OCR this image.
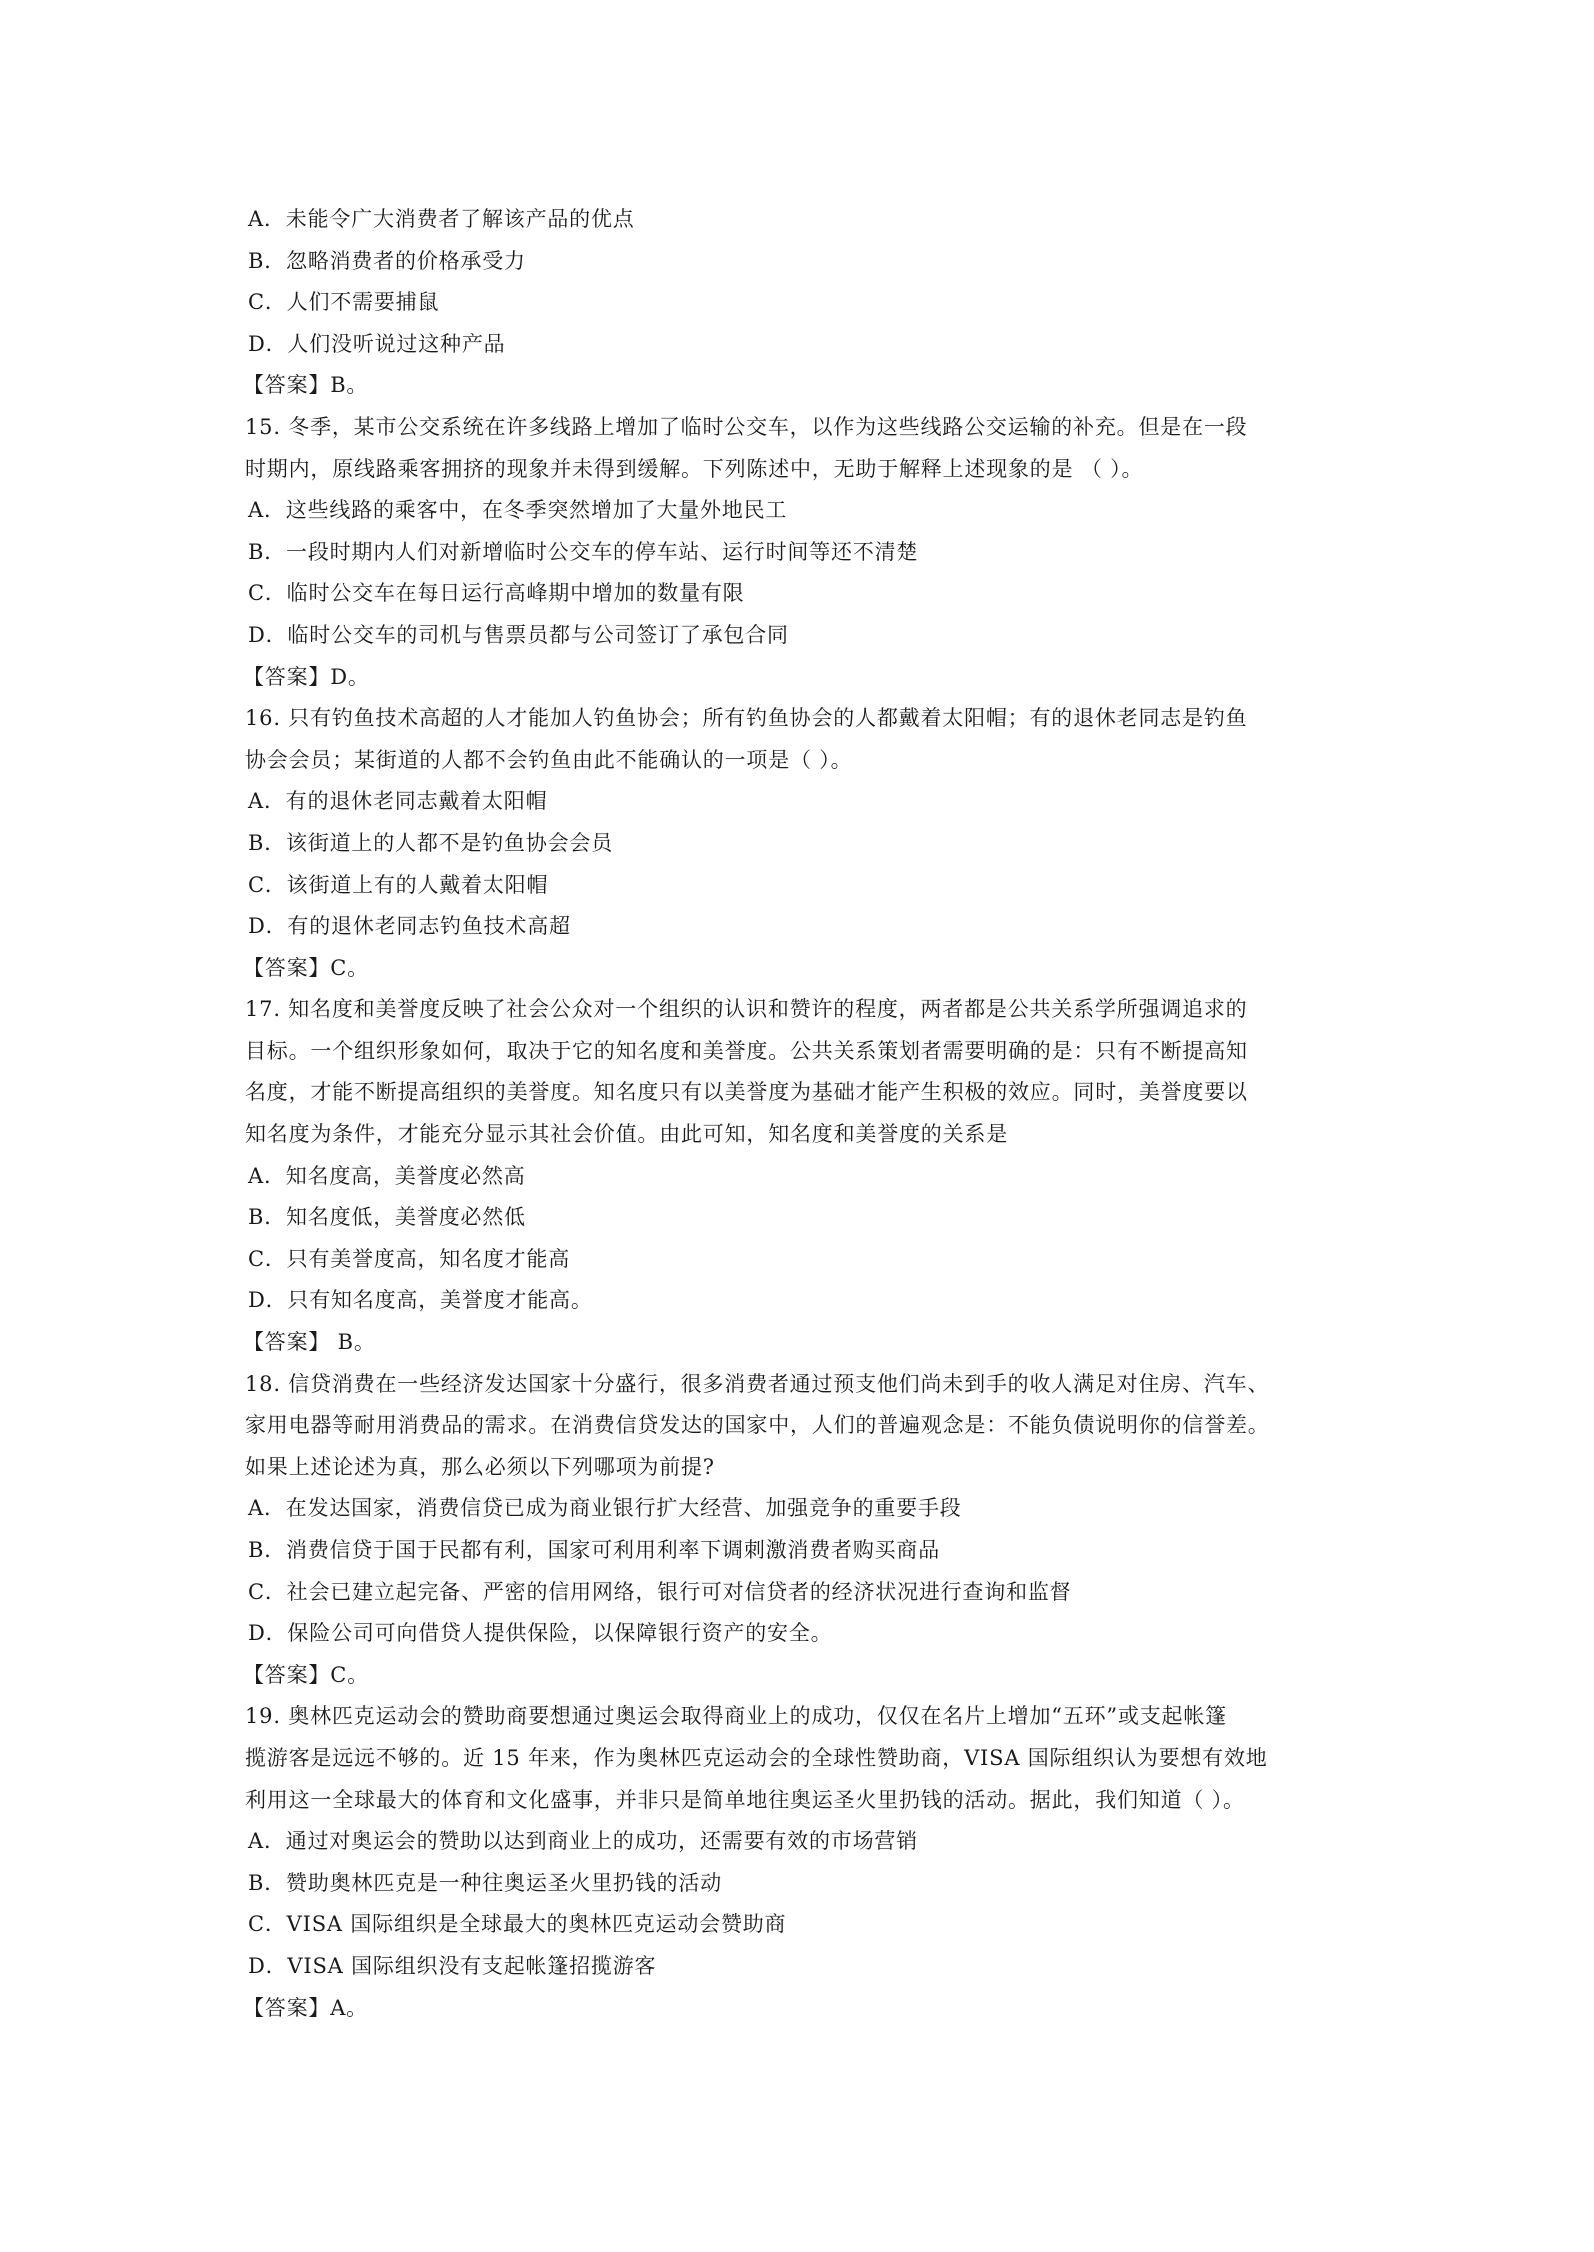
A．未能令广大消费者了解该产品的优点
B．忽略消费者的价格承受力
C．人们不需要捕鼠
D．人们没听说过这种产品
【答案】B。
15. 冬季，某市公交系统在许多线路上增加了临时公交车，以作为这些线路公交运输的补充。但是在一段
时期内，原线路乘客拥挤的现象并未得到缓解。下列陈述中，无助于解释上述现象的是 （ ）。
A．这些线路的乘客中，在冬季突然增加了大量外地民工
B．一段时期内人们对新增临时公交车的停车站、运行时间等还不清楚
C．临时公交车在每日运行高峰期中增加的数量有限
D．临时公交车的司机与售票员都与公司签订了承包合同
【答案】D。
16. 只有钓鱼技术高超的人才能加人钓鱼协会；所有钓鱼协会的人都戴着太阳帽；有的退休老同志是钓鱼
协会会员；某街道的人都不会钓鱼由此不能确认的一项是（ ）。
A．有的退休老同志戴着太阳帽
B．该街道上的人都不是钓鱼协会会员
C．该街道上有的人戴着太阳帽
D．有的退休老同志钓鱼技术高超
【答案】C。
17. 知名度和美誉度反映了社会公众对一个组织的认识和赞许的程度，两者都是公共关系学所强调追求的
目标。一个组织形象如何，取决于它的知名度和美誉度。公共关系策划者需要明确的是：只有不断提高知
名度，才能不断提高组织的美誉度。知名度只有以美誉度为基础才能产生积极的效应。同时，美誉度要以
知名度为条件，才能充分显示其社会价值。由此可知，知名度和美誉度的关系是
A．知名度高，美誉度必然高
B．知名度低，美誉度必然低
C．只有美誉度高，知名度才能高
D．只有知名度高，美誉度才能高。
【答案】 B。
18. 信贷消费在一些经济发达国家十分盛行，很多消费者通过预支他们尚未到手的收人满足对住房、汽车、
家用电器等耐用消费品的需求。在消费信贷发达的国家中，人们的普遍观念是：不能负债说明你的信誉差。
如果上述论述为真，那么必须以下列哪项为前提?
A．在发达国家，消费信贷已成为商业银行扩大经营、加强竞争的重要手段
B．消费信贷于国于民都有利，国家可利用利率下调刺激消费者购买商品
C．社会已建立起完备、严密的信用网络，银行可对信贷者的经济状况进行查询和监督
D．保险公司可向借贷人提供保险，以保障银行资产的安全。
【答案】C。
19. 奥林匹克运动会的赞助商要想通过奥运会取得商业上的成功，仅仅在名片上增加“五环”或支起帐篷
揽游客是远远不够的。近 15 年来，作为奥林匹克运动会的全球性赞助商，VISA 国际组织认为要想有效地
利用这一全球最大的体育和文化盛事，并非只是简单地往奥运圣火里扔钱的活动。据此，我们知道（ ）。
A．通过对奥运会的赞助以达到商业上的成功，还需要有效的市场营销
B．赞助奥林匹克是一种往奥运圣火里扔钱的活动
C．VISA 国际组织是全球最大的奥林匹克运动会赞助商
D．VISA 国际组织没有支起帐篷招揽游客
【答案】A。
